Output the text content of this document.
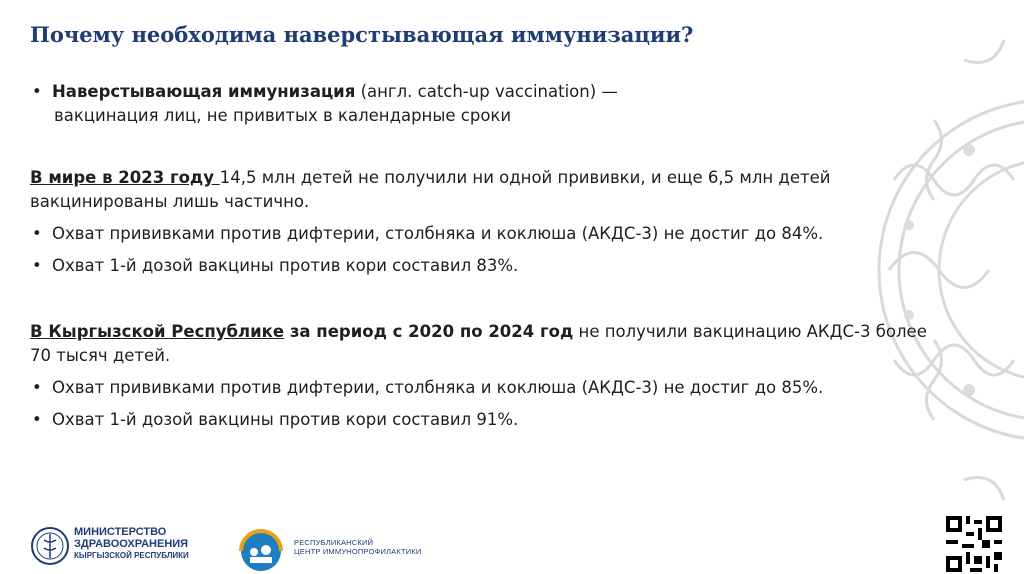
Почему необходима наверстывающая иммунизации?

• Наверстывающая иммунизация (англ. catch-up vaccination) —

вакцинация лиц, не привитых в календарные сроки

В мире в 2023 году 14,5 млн детей не получили ни одной прививки, и еще 6,5 млн детей вакцинированы лишь частично.

• Охват прививками против дифтерии, столбняка и коклюша (АКДС-3) не достиг до 84%.

• Охват 1-й дозой вакцины против кори составил 83%.

В Кыргызской Республике за период с 2020 по 2024 год не получили вакцинацию АКДС-3 более 70 тысяч детей.

• Охват прививками против дифтерии, столбняка и коклюша (АКДС-3) не достиг до 85%.

• Охват 1-й дозой вакцины против кори составил 91%.

МИНИСТЕРСТВО
ЗДРАВООХРАНЕНИЯ
КЫРГЫЗСКОЙ РЕСПУБЛИКИ
РЕСПУБЛИКАНСКИЙ
ЦЕНТР ИММУНОПРОФИЛАКТИКИ
